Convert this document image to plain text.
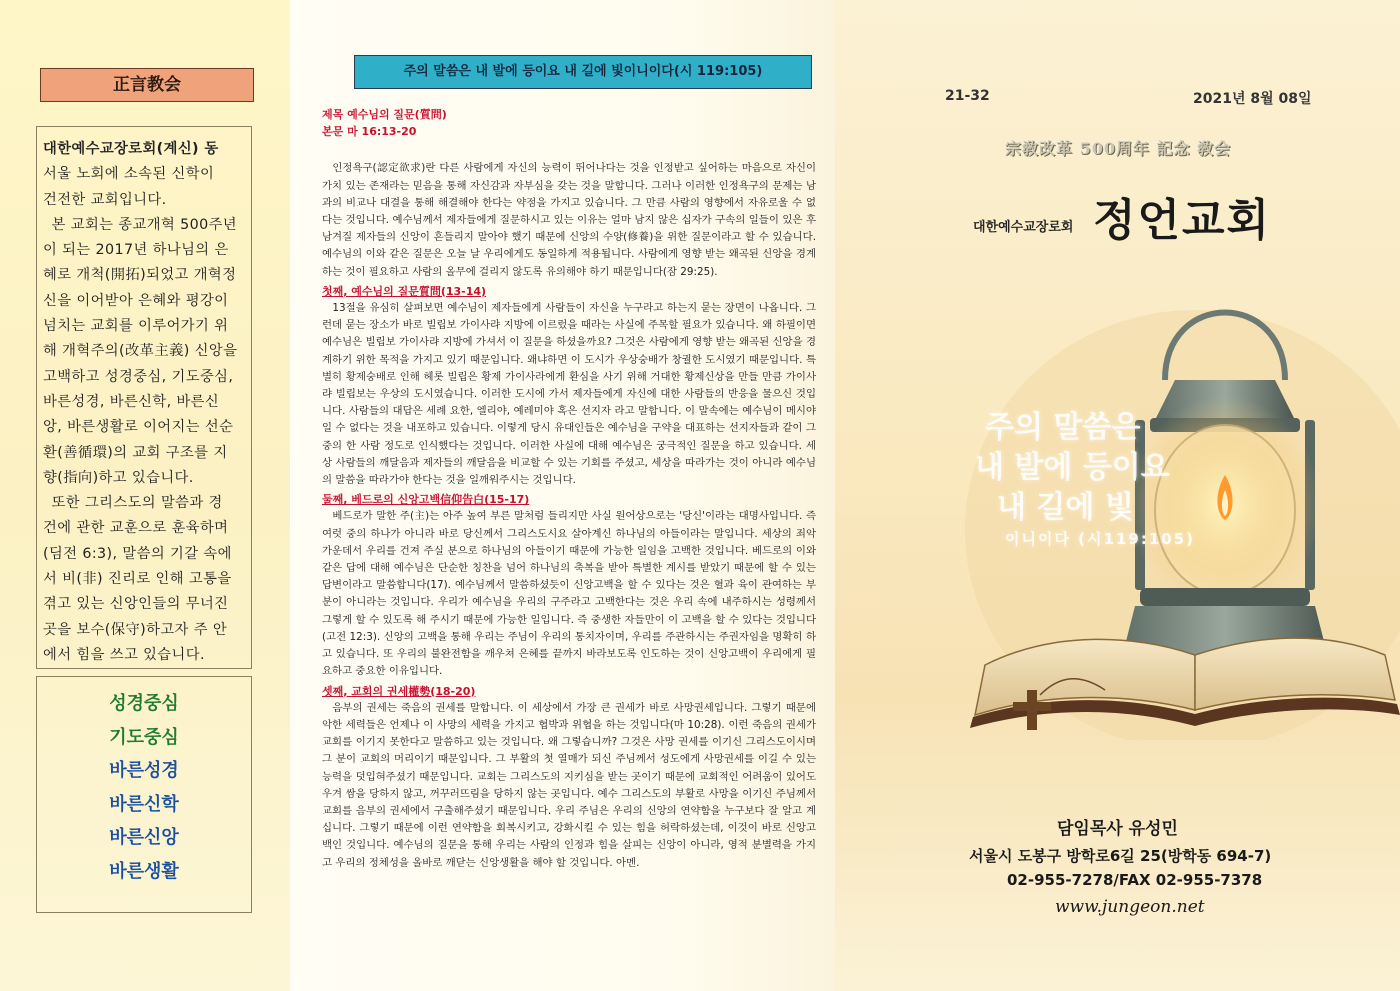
正言教会
대한예수교장로회(계신) 동
서울 노회에 소속된 신학이
건전한 교회입니다.
본 교회는 종교개혁 500주년
이 되는 2017년 하나님의 은
혜로 개척(開拓)되었고 개혁정
신을 이어받아 은혜와 평강이
넘치는 교회를 이루어가기 위
해 개혁주의(改革主義) 신앙을
고백하고 성경중심, 기도중심,
바른성경, 바른신학, 바른신
앙, 바른생활로 이어지는 선순
환(善循環)의 교회 구조를 지
향(指向)하고 있습니다.
또한 그리스도의 말씀과 경
건에 관한 교훈으로 훈육하며
(딤전 6:3), 말씀의 기갈 속에
서 비(非) 진리로 인해 고통을
겪고 있는 신앙인들의 무너진
곳을 보수(保守)하고자 주 안
에서 힘을 쓰고 있습니다.
성경중심
기도중심
바른성경
바른신학
바른신앙
바른생활
주의 말씀은 내 발에 등이요 내 길에 빛이니이다(시 119:105)
제목 예수님의 질문(質問)
본문 마 16:13-20

인정욕구(認定欲求)란 다른 사람에게 자신의 능력이 뛰어나다는 것을 인정받고 싶어하는 마음으로 자신이 가치 있는 존재라는 믿음을 통해 자신감과 자부심을 갖는 것을 말합니다. 그러나 이러한 인정욕구의 문제는 남과의 비교나 대결을 통해 해결해야 한다는 약점을 가지고 있습니다. 그 만큼 사람의 영향에서 자유로울 수 없다는 것입니다. 예수님께서 제자들에게 질문하시고 있는 이유는 얼마 남지 않은 십자가 구속의 일들이 있은 후 남겨질 제자들의 신앙이 흔들리지 말아야 했기 때문에 신앙의 수양(修養)을 위한 질문이라고 할 수 있습니다. 예수님의 이와 같은 질문은 오늘 날 우리에게도 동일하게 적용됩니다. 사람에게 영향 받는 왜곡된 신앙을 경계하는 것이 필요하고 사람의 올무에 걸리지 않도록 유의해야 하기 때문입니다(잠 29:25).

첫째, 예수님의 질문質問(13-14)

13절을 유심히 살펴보면 예수님이 제자들에게 사람들이 자신을 누구라고 하는지 묻는 장면이 나옵니다. 그런데 묻는 장소가 바로 빌립보 가이사랴 지방에 이르렀을 때라는 사실에 주목할 필요가 있습니다. 왜 하필이면 예수님은 빌립보 가이사랴 지방에 가셔서 이 질문을 하셨을까요? 그것은 사람에게 영향 받는 왜곡된 신앙을 경계하기 위한 목적을 가지고 있기 때문입니다. 왜냐하면 이 도시가 우상숭배가 창궐한 도시였기 때문입니다. 특별히 황제숭배로 인해 헤롯 빌립은 황제 가이사라에게 환심을 사기 위해 거대한 황제신상을 만들 만큼 가이사랴 빌립보는 우상의 도시였습니다. 이러한 도시에 가서 제자들에게 자신에 대한 사람들의 반응을 물으신 것입니다. 사람들의 대답은 세례 요한, 엘리야, 예레미야 혹은 선지자 라고 말합니다. 이 말속에는 예수님이 메시야일 수 없다는 것을 내포하고 있습니다. 이렇게 당시 유대인들은 예수님을 구약을 대표하는 선지자들과 같이 그 중의 한 사람 정도로 인식했다는 것입니다. 이러한 사실에 대해 예수님은 궁극적인 질문을 하고 있습니다. 세상 사람들의 깨달음과 제자들의 깨달음을 비교할 수 있는 기회를 주셨고, 세상을 따라가는 것이 아니라 예수님의 말씀을 따라가야 한다는 것을 일깨워주시는 것입니다.

둘째, 베드로의 신앙고백信仰告白(15-17)

베드로가 말한 주(主)는 아주 높여 부른 말처럼 들리지만 사실 원어상으로는 '당신'이라는 대명사입니다. 즉 여럿 중의 하나가 아니라 바로 당신께서 그리스도시요 살아계신 하나님의 아들이라는 말입니다. 세상의 죄악 가운데서 우리를 건져 주실 분으로 하나님의 아들이기 때문에 가능한 일임을 고백한 것입니다. 베드로의 이와 같은 답에 대해 예수님은 단순한 칭찬을 넘어 하나님의 축복을 받아 특별한 계시를 받았기 때문에 할 수 있는 답변이라고 말씀합니다(17). 예수님께서 말씀하셨듯이 신앙고백을 할 수 있다는 것은 혈과 육이 관여하는 부분이 아니라는 것입니다. 우리가 예수님을 우리의 구주라고 고백한다는 것은 우리 속에 내주하시는 성령께서 그렇게 할 수 있도록 해 주시기 때문에 가능한 일입니다. 즉 중생한 자들만이 이 고백을 할 수 있다는 것입니다(고전 12:3). 신앙의 고백을 통해 우리는 주님이 우리의 통치자이며, 우리를 주관하시는 주권자임을 명확히 하고 있습니다. 또 우리의 불완전함을 깨우쳐 은혜를 끝까지 바라보도록 인도하는 것이 신앙고백이 우리에게 필요하고 중요한 이유입니다.

셋째, 교회의 권세權勢(18-20)

음부의 권세는 죽음의 권세를 말합니다. 이 세상에서 가장 큰 권세가 바로 사망권세입니다. 그렇기 때문에 악한 세력들은 언제나 이 사망의 세력을 가지고 협박과 위협을 하는 것입니다(마 10:28). 이런 죽음의 권세가 교회를 이기지 못한다고 말씀하고 있는 것입니다. 왜 그렇습니까? 그것은 사망 권세를 이기신 그리스도이시며 그 분이 교회의 머리이기 때문입니다. 그 부활의 첫 열매가 되신 주님께서 성도에게 사망권세를 이길 수 있는 능력을 덧입혀주셨기 때문입니다. 교회는 그리스도의 지키심을 받는 곳이기 때문에 교회적인 어려움이 있어도 우겨 쌈을 당하지 않고, 꺼꾸러뜨림을 당하지 않는 곳입니다. 예수 그리스도의 부활로 사망을 이기신 주님께서 교회를 음부의 권세에서 구출해주셨기 때문입니다. 우리 주님은 우리의 신앙의 연약함을 누구보다 잘 알고 계십니다. 그렇기 때문에 이런 연약함을 회복시키고, 강화시킬 수 있는 힘을 허락하셨는데, 이것이 바로 신앙고백인 것입니다. 예수님의 질문을 통해 우리는 사람의 인정과 힘을 살피는 신앙이 아니라, 영적 분별력을 가지고 우리의 정체성을 올바로 깨닫는 신앙생활을 해야 할 것입니다. 아멘.

21-32	2021년 8월 08일
宗敎改革 500周年 記念 敎会
대한예수교장로회 정언교회
주의 말씀은
내 발에 등이요
내 길에 빛
이니이다 (시119:105)
담임목사 유성민
서울시 도봉구 방학로6길 25(방학동 694-7)
02-955-7278/FAX 02-955-7378
www.jungeon.net
